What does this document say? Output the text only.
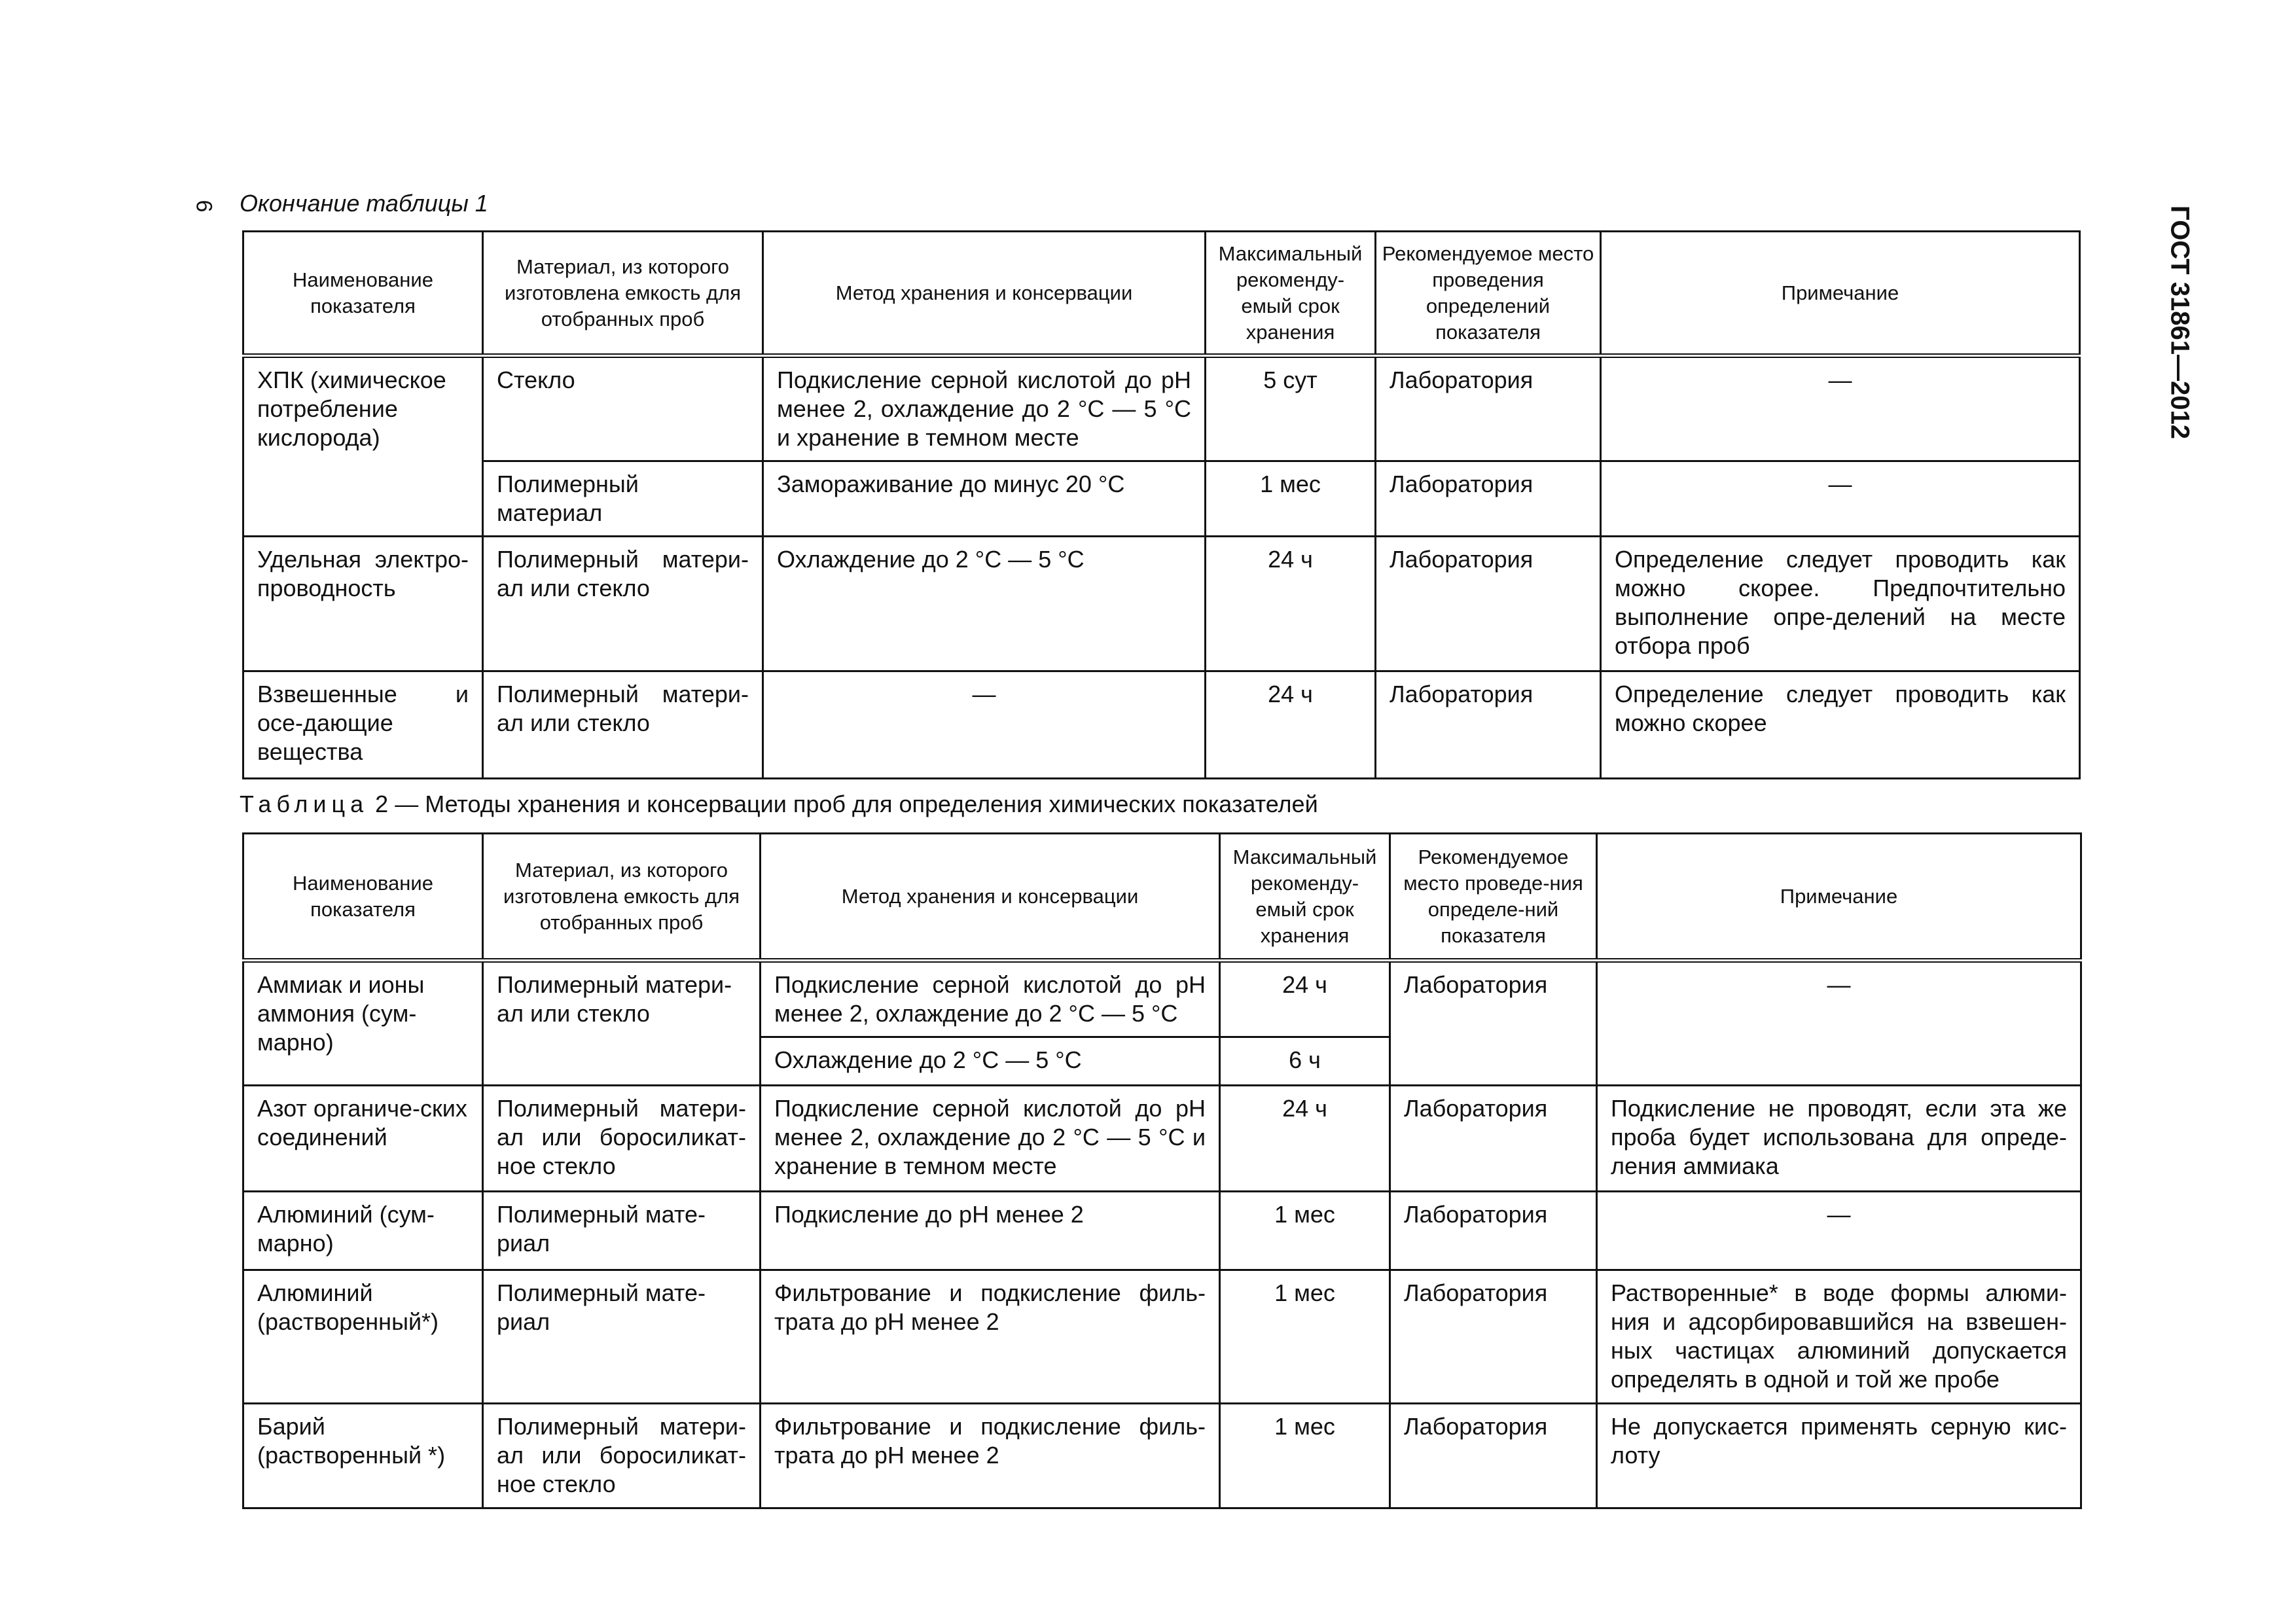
6	ГОСТ 31861—2012
Окончание таблицы 1
Наименование показателя	Материал, из которого изготовлена емкость для отобранных проб	Метод хранения и консервации	Максимальный рекоменду-емый срок хранения	Рекомендуемое место проведения определений показателя	Примечание
ХПК (химическое потребление кислорода)	Стекло	Подкисление серной кислотой до pH менее 2, охлаждение до 2 °С — 5 °С и хранение в темном месте	5 сут	Лаборатория	—
	Полимерный материал	Замораживание до минус 20 °С	1 мес	Лаборатория	—
Удельная электро-проводность	Полимерный матери-ал или стекло	Охлаждение до 2 °С — 5 °С	24 ч	Лаборатория	Определение следует проводить как можно скорее. Предпочтительно выполнение опре-делений на месте отбора проб
Взвешенные и осе-дающие вещества	Полимерный матери-ал или стекло	—	24 ч	Лаборатория	Определение следует проводить как можно скорее
Таблица 2 — Методы хранения и консервации проб для определения химических показателей
Наименование показателя	Материал, из которого изготовлена емкость для отобранных проб	Метод хранения и консервации	Максимальный рекоменду-емый срок хранения	Рекомендуемое место проведе-ния определе-ний показателя	Примечание
Аммиак и ионы аммония (сум-марно)	Полимерный матери-ал или стекло	Подкисление серной кислотой до pH менее 2, охлаждение до 2 °С — 5 °С	24 ч	Лаборатория	—
		Охлаждение до 2 °С — 5 °С	6 ч		
Азот органиче-ских соединений	Полимерный матери-ал или боросиликат-ное стекло	Подкисление серной кислотой до pH менее 2, охлаждение до 2 °С — 5 °С и хранение в темном месте	24 ч	Лаборатория	Подкисление не проводят, если эта же проба будет использована для опреде-ления аммиака
Алюминий (сум-марно)	Полимерный мате-риал	Подкисление до pH менее 2	1 мес	Лаборатория	—
Алюминий (растворенный*)	Полимерный мате-риал	Фильтрование и подкисление филь-трата до pH менее 2	1 мес	Лаборатория	Растворенные* в воде формы алюми-ния и адсорбировавшийся на взвешен-ных частицах алюминий допускается определять в одной и той же пробе
Барий (растворенный *)	Полимерный матери-ал или боросиликат-ное стекло	Фильтрование и подкисление филь-трата до pH менее 2	1 мес	Лаборатория	Не допускается применять серную кис-лоту
